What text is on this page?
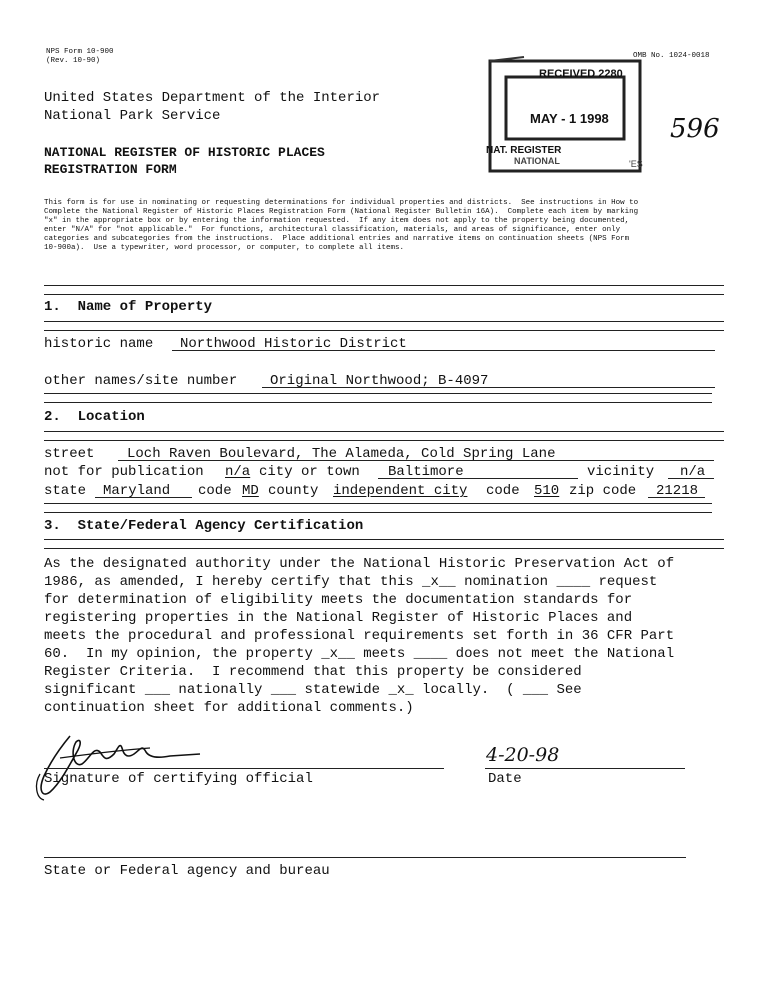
NPS Form 10-900
(Rev. 10-90)
OMB No. 1024-0018
United States Department of the Interior
National Park Service
NATIONAL REGISTER OF HISTORIC PLACES
REGISTRATION FORM
This form is for use in nominating or requesting determinations for individual properties and districts.  See instructions in How to
Complete the National Register of Historic Places Registration Form (National Register Bulletin 16A).  Complete each item by marking
"x" in the appropriate box or by entering the information requested.  If any item does not apply to the property being documented,
enter "N/A" for "not applicable."  For functions, architectural classification, materials, and areas of significance, enter only
categories and subcategories from the instructions.  Place additional entries and narrative items on continuation sheets (NPS Form
10-900a).  Use a typewriter, word processor, or computer, to complete all items.
RECEIVED 2280
MAY - 1 1998
NAT. REGISTER
NATIONAL	'ES
596
1.  Name of Property
historic name Northwood Historic District
other names/site number Original Northwood; B-4097
2.  Location
street Loch Raven Boulevard, The Alameda, Cold Spring Lane
not for publication n/a city or town Baltimore	vicinity n/a
state Maryland code MD county independent city code 510 zip code 21218
3.  State/Federal Agency Certification
As the designated authority under the National Historic Preservation Act of
1986, as amended, I hereby certify that this _x__ nomination ____ request
for determination of eligibility meets the documentation standards for
registering properties in the National Register of Historic Places and
meets the procedural and professional requirements set forth in 36 CFR Part
60.  In my opinion, the property _x__ meets ____ does not meet the National
Register Criteria.  I recommend that this property be considered
significant ___ nationally ___ statewide _x_ locally.  ( ___ See
continuation sheet for additional comments.)
4-20-98
Signature of certifying official	Date
State or Federal agency and bureau
